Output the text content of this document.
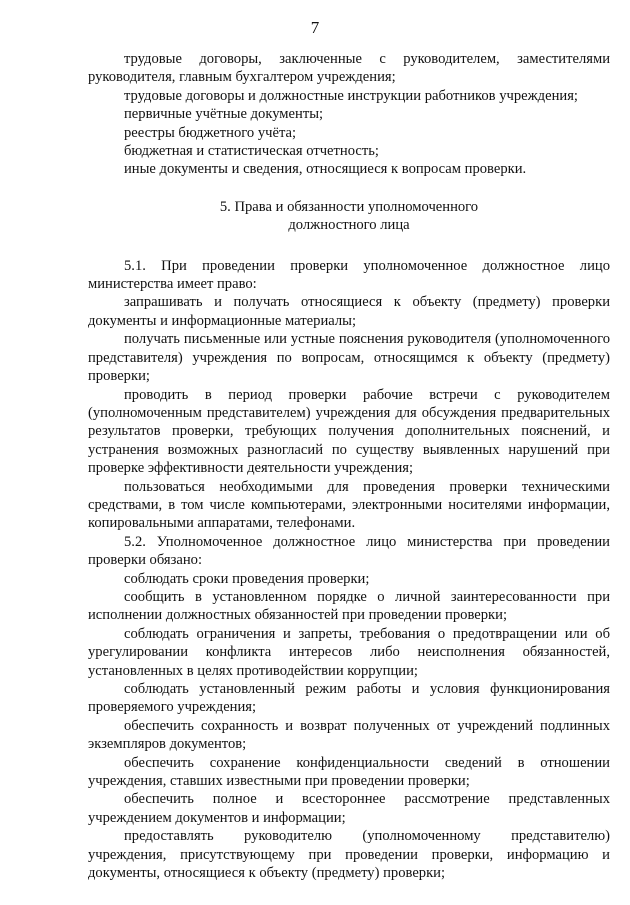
7

трудовые договоры, заключенные с руководителем, заместителями руководителя, главным бухгалтером учреждения;

трудовые договоры и должностные инструкции работников учреждения;

первичные учётные документы;

реестры бюджетного учёта;

бюджетная и статистическая отчетность;

иные документы и сведения, относящиеся к вопросам проверки.

5. Права и обязанности уполномоченного
должностного лица

5.1. При проведении проверки уполномоченное должностное лицо министерства имеет право:

запрашивать и получать относящиеся к объекту (предмету) проверки документы и информационные материалы;

получать письменные или устные пояснения руководителя (уполномоченного представителя) учреждения по вопросам, относящимся к объекту (предмету) проверки;

проводить в период проверки рабочие встречи с руководителем (уполномоченным представителем) учреждения для обсуждения предварительных результатов проверки, требующих получения дополнительных пояснений, и устранения возможных разногласий по существу выявленных нарушений при проверке эффективности деятельности учреждения;

пользоваться необходимыми для проведения проверки техническими средствами, в том числе компьютерами, электронными носителями информации, копировальными аппаратами, телефонами.

5.2. Уполномоченное должностное лицо министерства при проведении проверки обязано:

соблюдать сроки проведения проверки;

сообщить в установленном порядке о личной заинтересованности при исполнении должностных обязанностей при проведении проверки;

соблюдать ограничения и запреты, требования о предотвращении или об урегулировании конфликта интересов либо неисполнения обязанностей, установленных в целях противодействии коррупции;

соблюдать установленный режим работы и условия функционирования проверяемого учреждения;

обеспечить сохранность и возврат полученных от учреждений подлинных экземпляров документов;

обеспечить сохранение конфиденциальности сведений в отношении учреждения, ставших известными при проведении проверки;

обеспечить полное и всестороннее рассмотрение представленных учреждением документов и информации;

предоставлять руководителю (уполномоченному представителю) учреждения, присутствующему при проведении проверки, информацию и документы, относящиеся к объекту (предмету) проверки;
